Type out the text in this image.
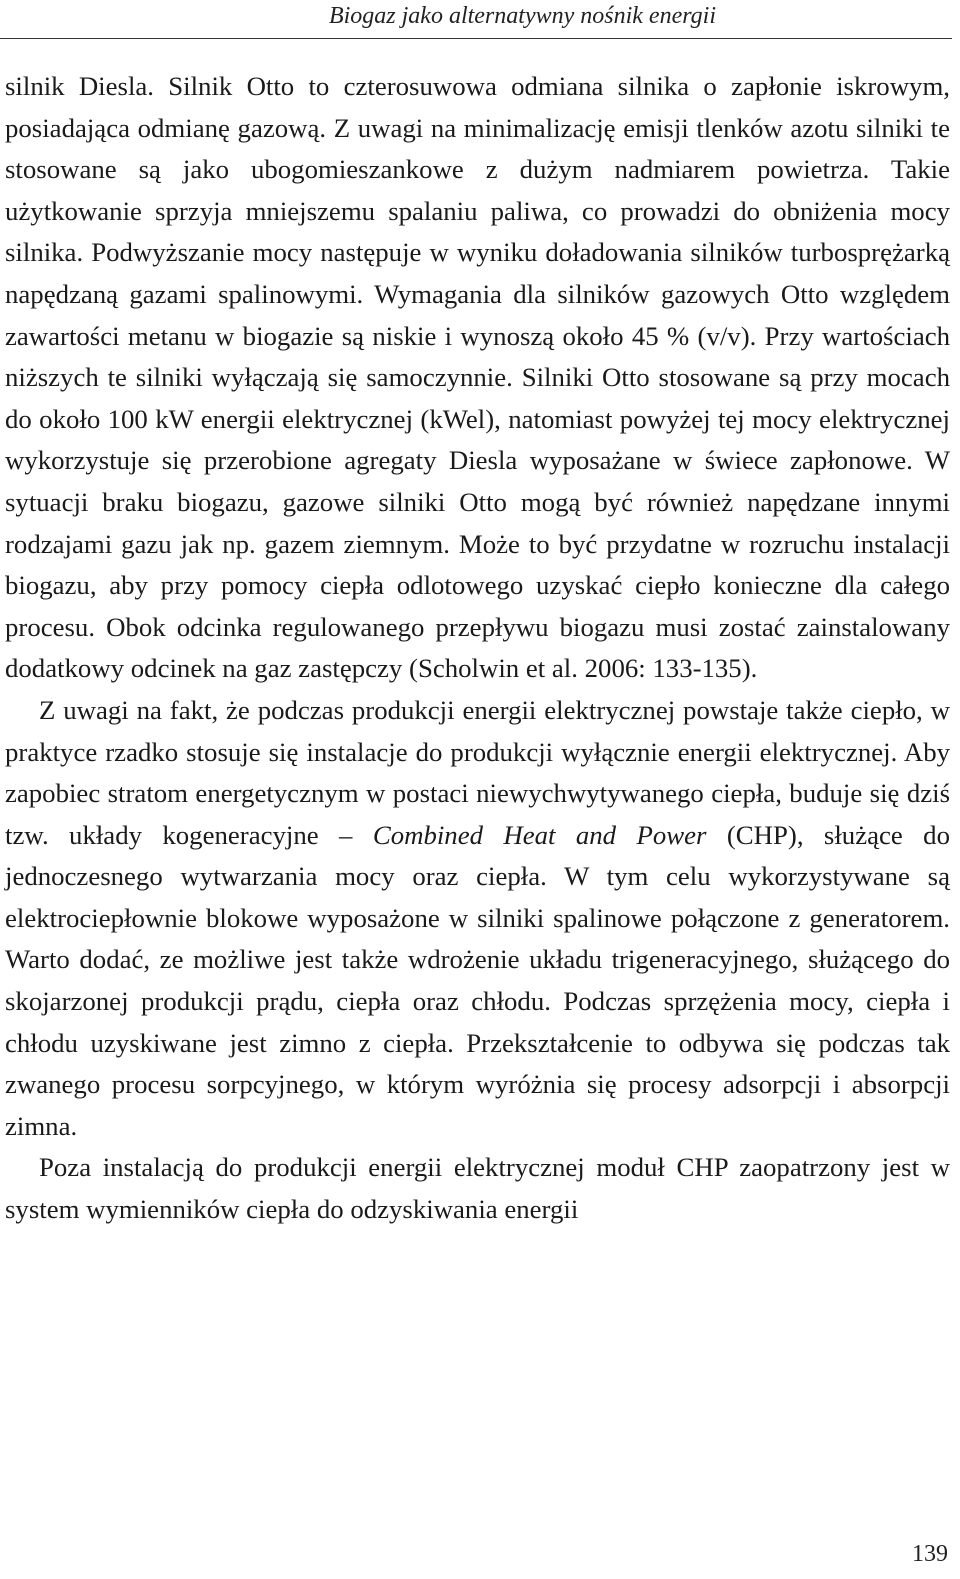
Biogaz jako alternatywny nośnik energii

silnik Diesla. Silnik Otto to czterosuwowa odmiana silnika o zapłonie iskrowym, posiadająca odmianę gazową. Z uwagi na minimalizację emisji tlenków azotu silniki te stosowane są jako ubogomieszankowe z dużym nadmiarem powietrza. Takie użytkowanie sprzyja mniejszemu spalaniu paliwa, co prowadzi do obniżenia mocy silnika. Podwyższanie mocy następuje w wyniku doładowania silników turbosprężarką napędzaną gazami spalinowymi. Wymagania dla silników gazowych Otto względem zawartości metanu w biogazie są niskie i wynoszą około 45 % (v/v). Przy wartościach niższych te silniki wyłączają się samoczynnie. Silniki Otto stosowane są przy mocach do około 100 kW energii elektrycznej (kWel), natomiast powyżej tej mocy elektrycznej wykorzystuje się przerobione agregaty Diesla wyposażane w świece zapłonowe. W sytuacji braku biogazu, gazowe silniki Otto mogą być również napędzane innymi rodzajami gazu jak np. gazem ziemnym. Może to być przydatne w rozruchu instalacji biogazu, aby przy pomocy ciepła odlotowego uzyskać ciepło konieczne dla całego procesu. Obok odcinka regulowanego przepływu biogazu musi zostać zainstalowany dodatkowy odcinek na gaz zastępczy (Scholwin et al. 2006: 133-135).

Z uwagi na fakt, że podczas produkcji energii elektrycznej powstaje także ciepło, w praktyce rzadko stosuje się instalacje do produkcji wyłącznie energii elektrycznej. Aby zapobiec stratom energetycznym w postaci niewychwytywanego ciepła, buduje się dziś tzw. układy kogeneracyjne – Combined Heat and Power (CHP), służące do jednoczesnego wytwarzania mocy oraz ciepła. W tym celu wykorzystywane są elektrociepłownie blokowe wyposażone w silniki spalinowe połączone z generatorem. Warto dodać, ze możliwe jest także wdrożenie układu trigeneracyjnego, służącego do skojarzonej produkcji prądu, ciepła oraz chłodu. Podczas sprzężenia mocy, ciepła i chłodu uzyskiwane jest zimno z ciepła. Przekształcenie to odbywa się podczas tak zwanego procesu sorpcyjnego, w którym wyróżnia się procesy adsorpcji i absorpcji zimna.

Poza instalacją do produkcji energii elektrycznej moduł CHP zaopatrzony jest w system wymienników ciepła do odzyskiwania energii

139
